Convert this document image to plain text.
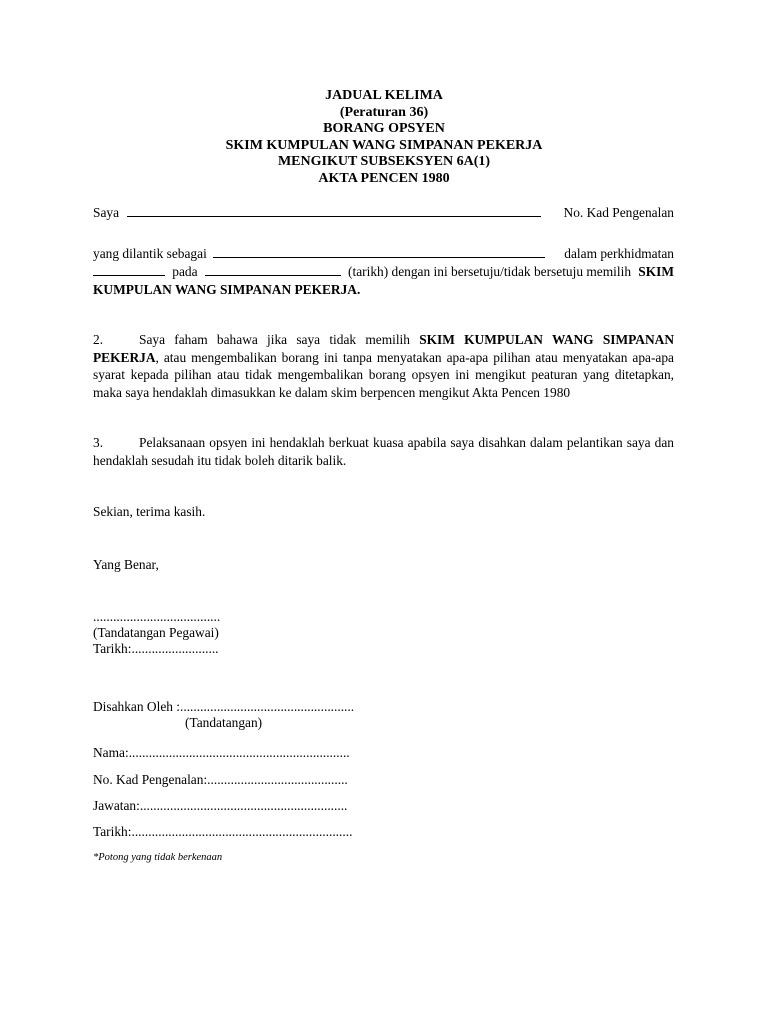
JADUAL KELIMA
(Peraturan 36)
BORANG OPSYEN
SKIM KUMPULAN WANG SIMPANAN PEKERJA
MENGIKUT SUBSEKSYEN 6A(1)
AKTA PENCEN 1980
Saya	No. Kad Pengenalan
yang dilantik sebagai	dalam perkhidmatan
pada	(tarikh) dengan ini bersetuju/tidak bersetuju memilih SKIM
KUMPULAN WANG SIMPANAN PEKERJA.
2.	Saya faham bahawa jika saya tidak memilih SKIM KUMPULAN WANG SIMPANAN PEKERJA, atau mengembalikan borang ini tanpa menyatakan apa-apa pilihan atau menyatakan apa-apa syarat kepada pilihan atau tidak mengembalikan borang opsyen ini mengikut peaturan yang ditetapkan, maka saya hendaklah dimasukkan ke dalam skim berpencen mengikut Akta Pencen 1980
3.	Pelaksanaan opsyen ini hendaklah berkuat kuasa apabila saya disahkan dalam pelantikan saya dan hendaklah sesudah itu tidak boleh ditarik balik.
Sekian, terima kasih.
Yang Benar,
......................................
(Tandatangan Pegawai)
Tarikh:..........................
Disahkan Oleh :....................................................
(Tandatangan)
Nama:..................................................................
No. Kad Pengenalan:..........................................
Jawatan:..............................................................
Tarikh:..................................................................
*Potong yang tidak berkenaan
